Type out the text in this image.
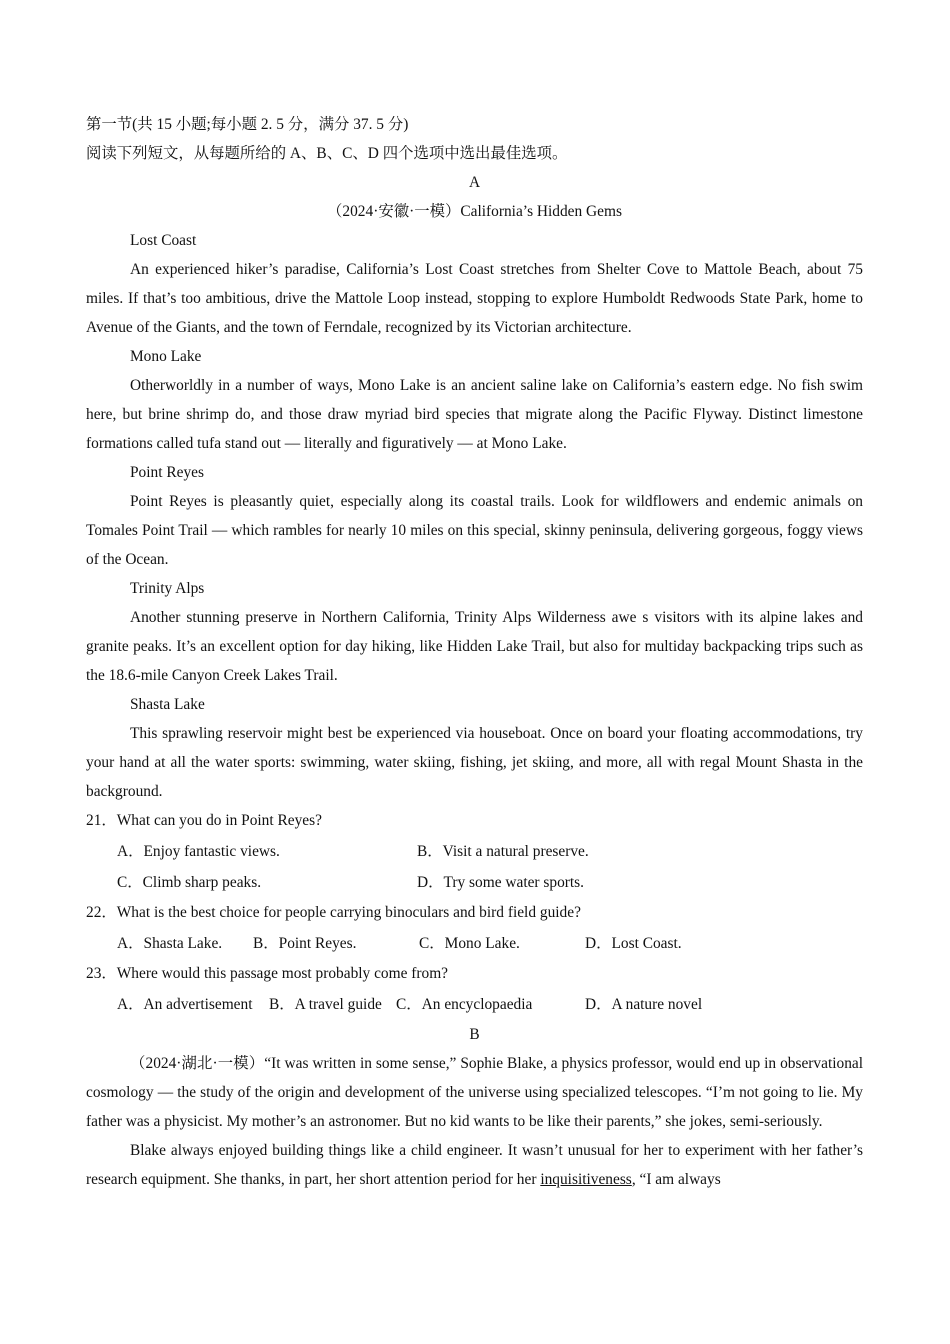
第一节(共 15 小题;每小题 2. 5 分，满分 37. 5 分)

阅读下列短文，从每题所给的 A、B、C、D 四个选项中选出最佳选项。

A

（2024·安徽·一模）California’s Hidden Gems

Lost Coast

An experienced hiker’s paradise, California’s Lost Coast stretches from Shelter Cove to Mattole Beach, about 75 miles. If that’s too ambitious, drive the Mattole Loop instead, stopping to explore Humboldt Redwoods State Park, home to Avenue of the Giants, and the town of Ferndale, recognized by its Victorian architecture.

Mono Lake

Otherworldly in a number of ways, Mono Lake is an ancient saline lake on California’s eastern edge. No fish swim here, but brine shrimp do, and those draw myriad bird species that migrate along the Pacific Flyway. Distinct limestone formations called tufa stand out — literally and figuratively — at Mono Lake.

Point Reyes

Point Reyes is pleasantly quiet, especially along its coastal trails. Look for wildflowers and endemic animals on Tomales Point Trail — which rambles for nearly 10 miles on this special, skinny peninsula, delivering gorgeous, foggy views of the Ocean.

Trinity Alps

Another stunning preserve in Northern California, Trinity Alps Wilderness awe s visitors with its alpine lakes and granite peaks. It’s an excellent option for day hiking, like Hidden Lake Trail, but also for multiday backpacking trips such as the 18.6-mile Canyon Creek Lakes Trail.

Shasta Lake

This sprawling reservoir might best be experienced via houseboat. Once on board your floating accommodations, try your hand at all the water sports: swimming, water skiing, fishing, jet skiing, and more, all with regal Mount Shasta in the background.

21．What can you do in Point Reyes?

A．Enjoy fantastic views.	B．Visit a natural preserve.
C．Climb sharp peaks.	D．Try some water sports.

22．What is the best choice for people carrying binoculars and bird field guide?

A．Shasta Lake.	B．Point Reyes.	C．Mono Lake.	D．Lost Coast.

23．Where would this passage most probably come from?

A．An advertisement	B．A travel guide C．An encyclopaedia	D．A nature novel

B

（2024·湖北·一模）“It was written in some sense,” Sophie Blake, a physics professor, would end up in observational cosmology — the study of the origin and development of the universe using specialized telescopes. “I’m not going to lie. My father was a physicist. My mother’s an astronomer. But no kid wants to be like their parents,” she jokes, semi-seriously.

Blake always enjoyed building things like a child engineer. It wasn’t unusual for her to experiment with her father’s research equipment. She thanks, in part, her short attention period for her inquisitiveness, “I am always
